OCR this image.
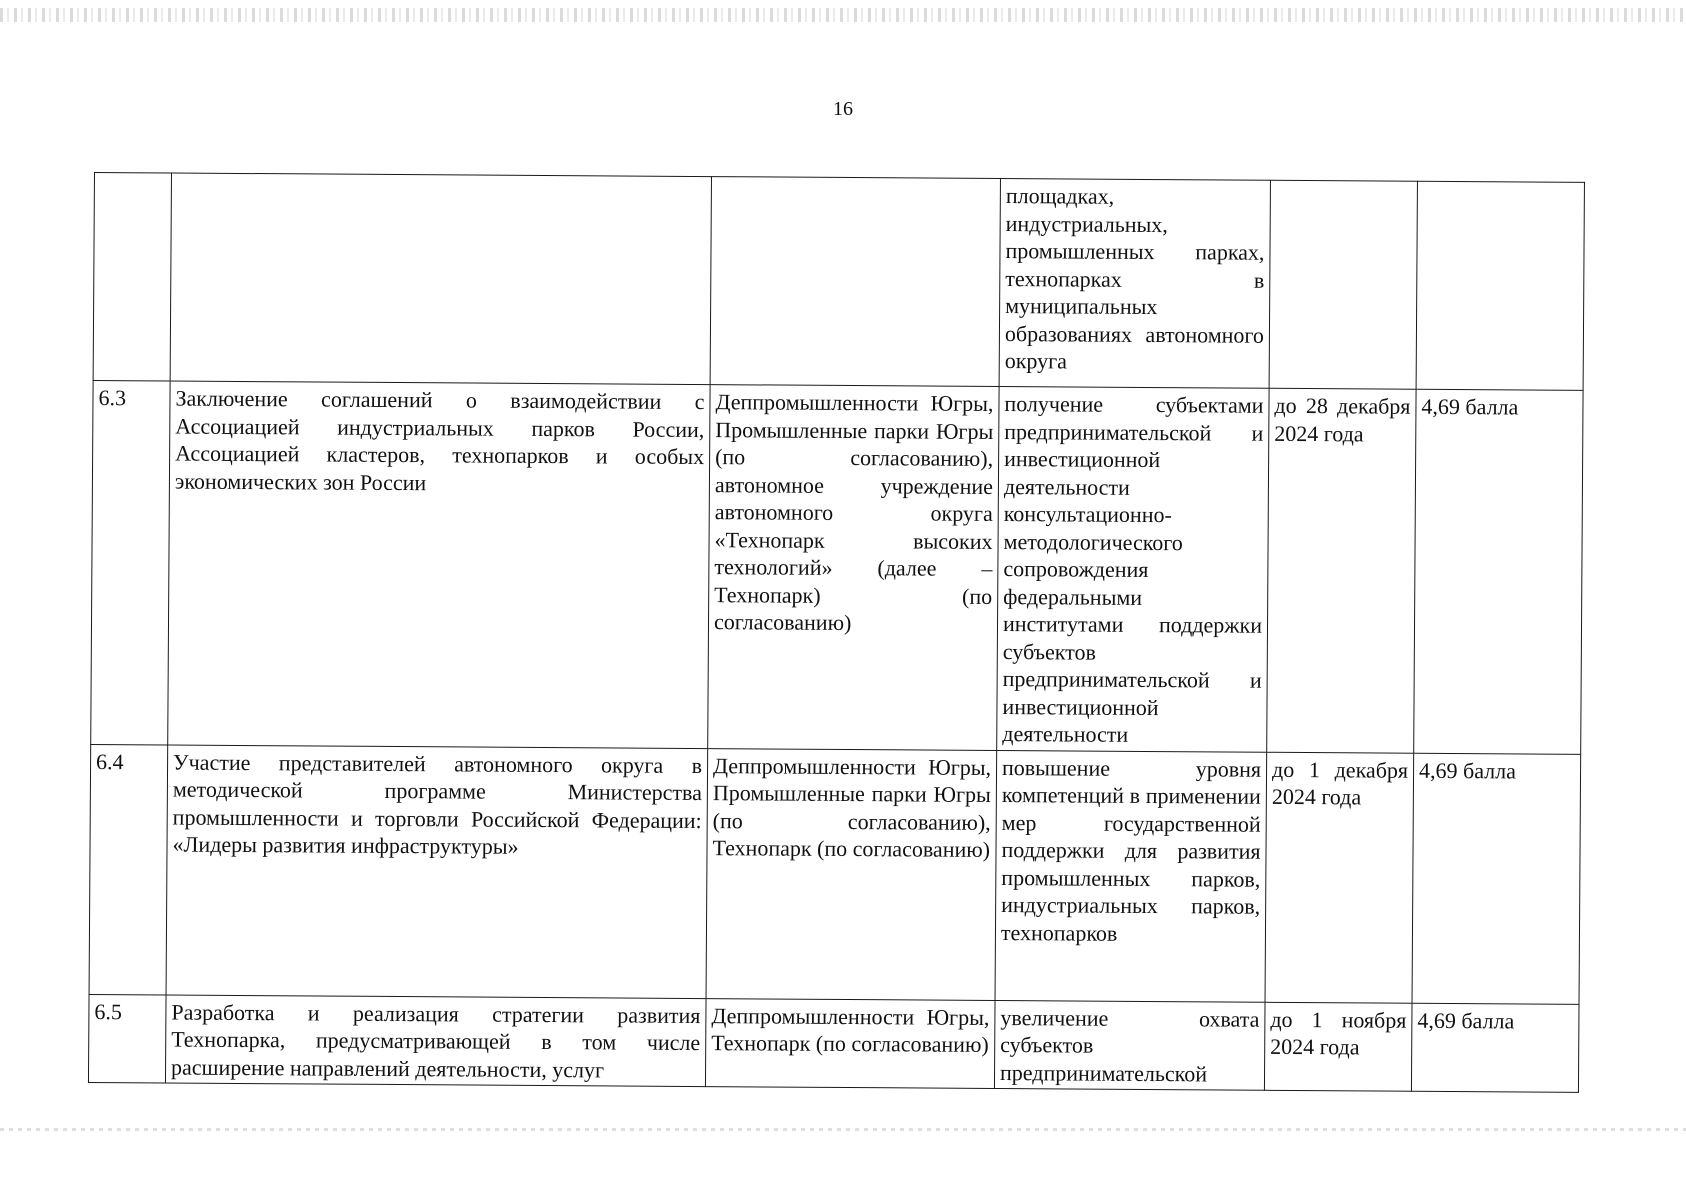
16
			площадках, индустриальных, промышленных парках, технопарках в муниципальных образованиях автономного округа		
6.3	Заключение соглашений о взаимодействии с Ассоциацией индустриальных парков России, Ассоциацией кластеров, технопарков и особых экономических зон России	Деппромышленности Югры, Промышленные парки Югры (по согласованию), автономное учреждение автономного округа «Технопарк высоких технологий» (далее – Технопарк) (по согласованию)	получение субъектами предпринимательской и инвестиционной деятельности консультационно-методологического сопровождения федеральными институтами поддержки субъектов предпринимательской и инвестиционной деятельности	до 28 декабря 2024 года	4,69 балла
6.4	Участие представителей автономного округа в методической программе Министерства промышленности и торговли Российской Федерации: «Лидеры развития инфраструктуры»	Деппромышленности Югры, Промышленные парки Югры (по согласованию), Технопарк (по согласованию)	повышение уровня компетенций в применении мер государственной поддержки для развития промышленных парков, индустриальных парков, технопарков	до 1 декабря 2024 года	4,69 балла
6.5	Разработка и реализация стратегии развития Технопарка, предусматривающей в том числе расширение направлений деятельности, услуг	Деппромышленности Югры, Технопарк (по согласованию)	увеличение охвата субъектов предпринимательской	до 1 ноября 2024 года	4,69 балла
